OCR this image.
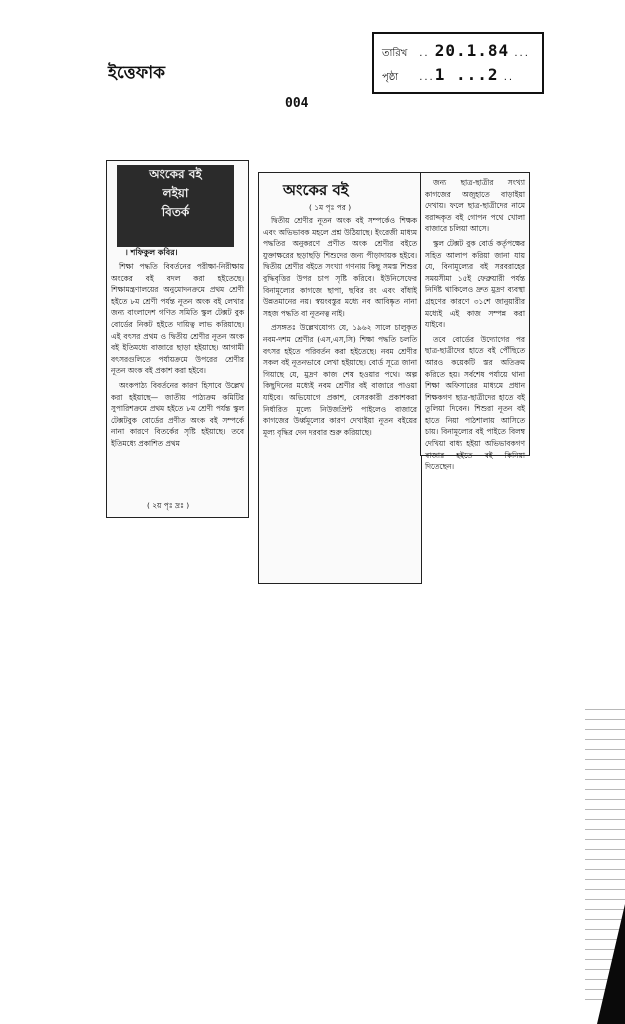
ইত্তেফাক
তারিখ .. 20.1.84 ...
পৃষ্ঠা ...1 ...2 ..
004
অংকের বই
লইয়া
বিতর্ক
। শফিকুল কবির।

শিক্ষা পদ্ধতি বিবর্তনের পরীক্ষা-নিরীক্ষায় অংকের বই বদল করা হইতেছে। শিক্ষামন্ত্রণালয়ের অনুমোদনক্রমে প্রথম শ্রেণী হইতে ৮ম শ্রেণী পর্যন্ত নূতন অংক বই লেখার জন্য বাংলাদেশ গণিত সমিতি স্কুল টেক্সট বুক বোর্ডের নিকট হইতে দায়িত্ব লাভ করিয়াছে। এই বৎসর প্রথম ও দ্বিতীয় শ্রেণীর নূতন অংক বই ইতিমধ্যে বাজারে ছাড়া হইয়াছে। আগামী বৎসরগুলিতে পর্যায়ক্রমে উপরের শ্রেণীর নূতন অংক বই প্রকাশ করা হইবে।

অংকপাঠ্য বিবর্তনের কারণ হিসাবে উল্লেখ করা হইয়াছে— জাতীয় পাঠ্যক্রম কমিটির সুপারিশক্রমে প্রথম হইতে ৮ম শ্রেণী পর্যন্ত স্কুল টেক্সটবুক বোর্ডের প্রণীত অংক বই সম্পর্কে নানা কারণে বিতর্কের সৃষ্টি হইয়াছে। তবে ইতিমধ্যে প্রকাশিত প্রথম

( ২য় পৃঃ দ্রঃ )
অংকের বই
( ১ম পৃঃ পর )

দ্বিতীয় শ্রেণীর নূতন অংক বই সম্পর্কেও শিক্ষক এবং অভিভাবক মহলে প্রশ্ন উঠিয়াছে। ইংরেজী মাধ্যম পদ্ধতির অনুকরণে প্রণীত অংক শ্রেণীর বইতে যুক্তাক্ষরের ছড়াছড়ি শিশুদের জন্য পীড়াদায়ক হইবে। দ্বিতীয় শ্রেণীর বইতে সংখ্যা গণনায় কিছু সমস্ত শিশুর বুদ্ধিবৃত্তির উপর চাপ সৃষ্টি করিবে। ইউনিসেফের বিনামূল্যের কাগজে ছাপা, ছবির রং এবং বাঁধাই উন্নতমানের নয়। স্বয়ংবস্তুর মধ্যে নব আবিষ্কৃত নানা সহজ পদ্ধতি বা নূতনত্ব নাই।

প্রসঙ্গতঃ উল্লেখযোগ্য যে, ১৯৬২ সালে চালুকৃত নবম-দশম শ্রেণীর (এস,এস,সি) শিক্ষা পদ্ধতি চলতি বৎসর হইতে পরিবর্তন করা হইতেছে। নবম শ্রেণীর সকল বই নূতনভাবে লেখা হইয়াছে। বোর্ড সূত্রে জানা গিয়াছে যে, মুদ্রণ কাজ শেষ হওয়ার পথে। অল্প কিছুদিনের মধ্যেই নবম শ্রেণীর বই বাজারে পাওয়া যাইবে। অভিযোগে প্রকাশ, বেসরকারী প্রকাশকরা নির্ধারিত মূল্যে নিউজপ্রিন্ট পাইলেও বাজারে কাগজের উর্ধ্বমূল্যের কারণ দেখাইয়া নূতন বইয়ের মূল্য বৃদ্ধির দেন দরবার শুরু করিয়াছে।

জন্য ছাত্র-ছাত্রীর সংখ্যা কাগজের অজুহাতে বাড়াইয়া দেখায়। ফলে ছাত্র-ছাত্রীদের নামে বরাদ্দকৃত বই গোপন পথে খোলা বাজারে চলিয়া আসে।

স্কুল টেক্সট বুক বোর্ড কর্তৃপক্ষের সহিত আলাপ করিয়া জানা যায় যে, বিনামূল্যের বই সরবরাহের সময়সীমা ১৫ই ফেব্রুয়ারী পর্যন্ত নির্দিষ্ট থাকিলেও দ্রুত মুদ্রণ ব্যবস্থা গ্রহণের কারণে ৩১শে জানুয়ারীর মধ্যেই এই কাজ সম্পন্ন করা যাইবে।

তবে বোর্ডের উদ্যোগের পর ছাত্র-ছাত্রীদের হাতে বই পৌঁছিতে আরও কয়েকটি স্তর অতিক্রম করিতে হয়। সর্বশেষ পর্যায়ে থানা শিক্ষা অফিসারের মাধ্যমে প্রধান শিক্ষকগণ ছাত্র-ছাত্রীদের হাতে বই তুলিয়া দিবেন। শিশুরা নূতন বই হাতে নিয়া পাঠশালায় আসিতে চায়। বিনামূল্যের বই পাইতে বিলম্ব দেখিয়া বাধ্য হইয়া অভিভাবকগণ বাজার হইতে বই কিনিয়া দিতেছেন।
